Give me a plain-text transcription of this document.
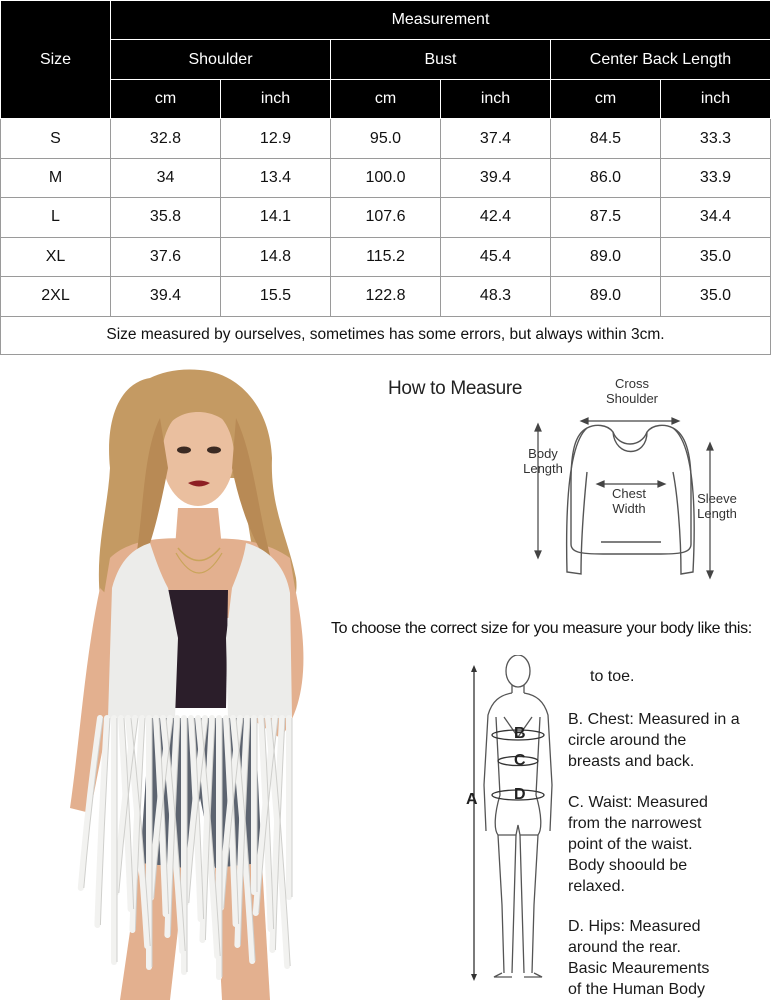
Size	Measurement					
	Shoulder		Bust		Center Back Length	
	cm	inch	cm	inch	cm	inch
S	32.8	12.9	95.0	37.4	84.5	33.3
M	34	13.4	100.0	39.4	86.0	33.9
L	35.8	14.1	107.6	42.4	87.5	34.4
XL	37.6	14.8	115.2	45.4	89.0	35.0
2XL	39.4	15.5	122.8	48.3	89.0	35.0
Size measured by ourselves, sometimes has some errors, but always within 3cm.						
How to Measure	Cross
Shoulder
Body
Length
Chest
Width
Sleeve
Length
To choose the correct size for you measure your body like this:
A
B
C
D
to toe.
B. Chest: Measured in a
circle around the
breasts and back.
C. Waist: Measured
from the narrowest
point of the waist.
Body shoould be
relaxed.
D. Hips: Measured
around the rear.
Basic Meaurements
of the Human Body
